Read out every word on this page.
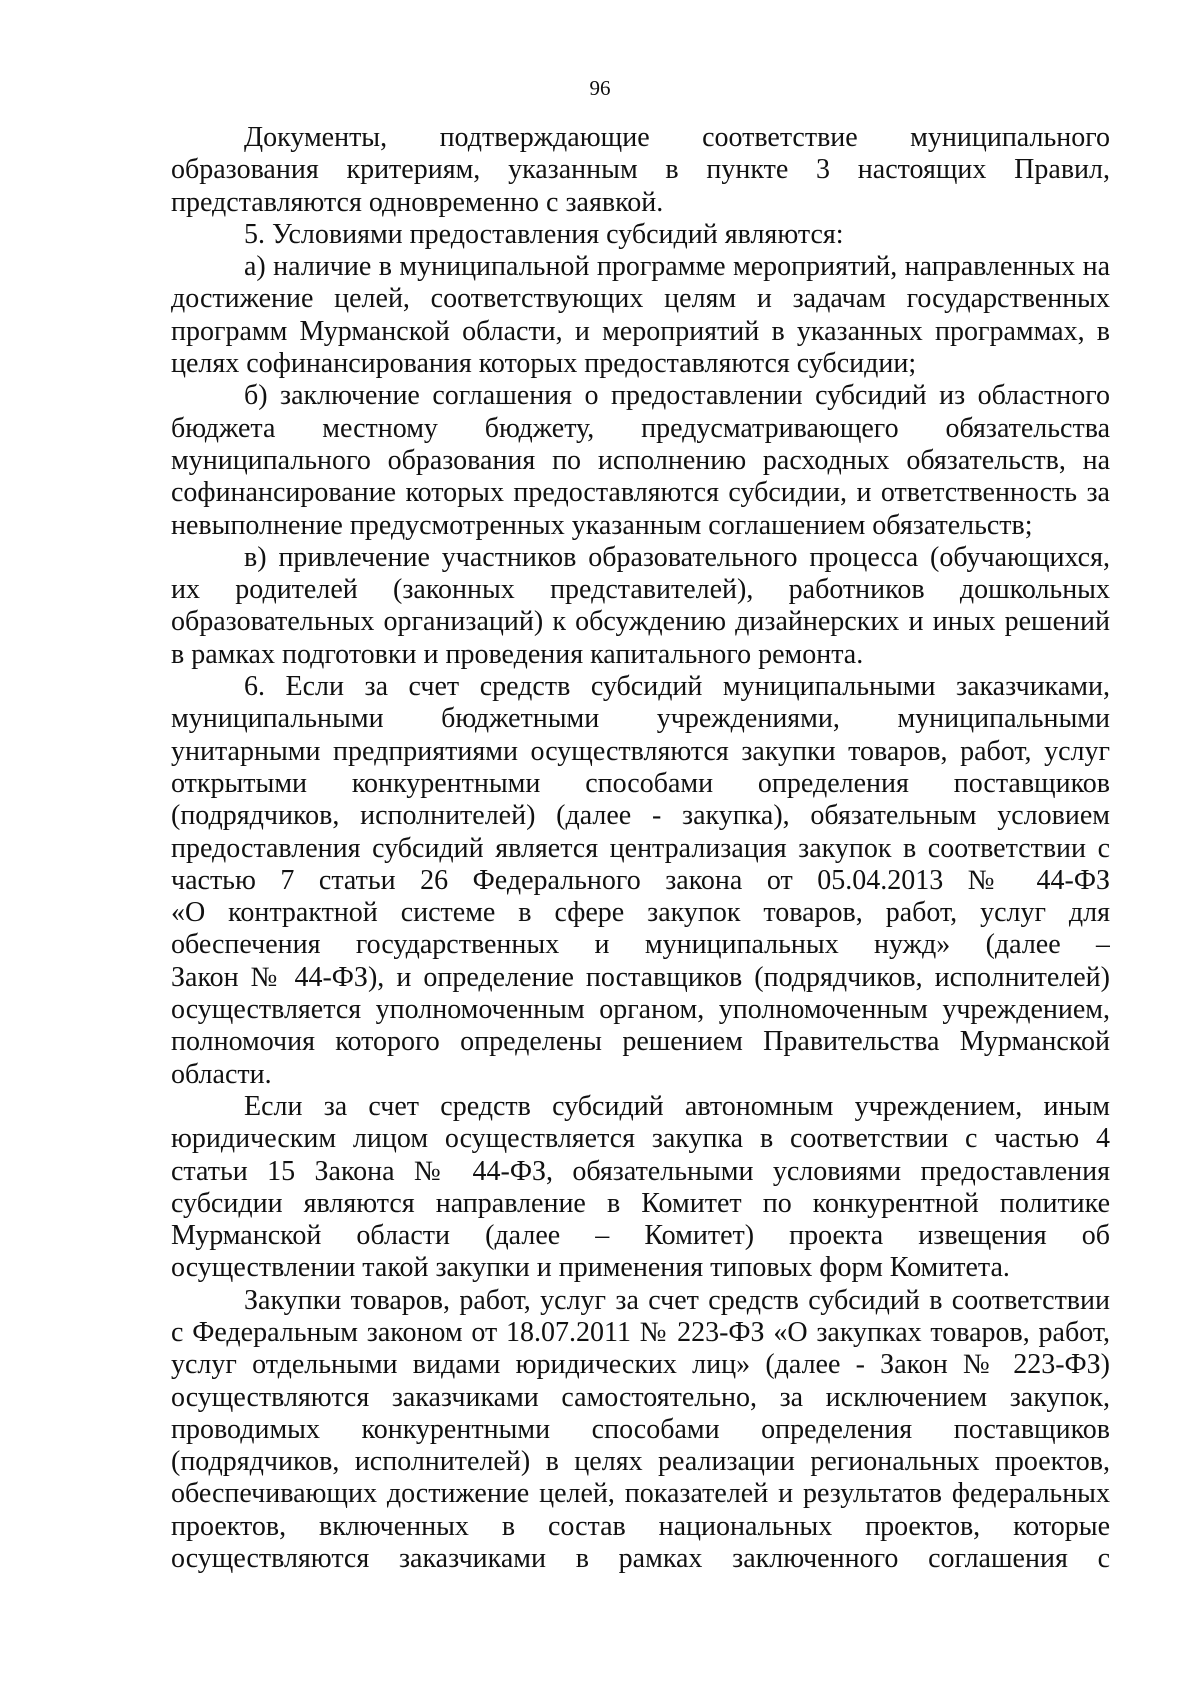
96
Документы, подтверждающие соответствие муниципального
образования критериям, указанным в пункте 3 настоящих Правил,
представляются одновременно с заявкой.
5. Условиями предоставления субсидий являются:
а) наличие в муниципальной программе мероприятий, направленных на
достижение целей, соответствующих целям и задачам государственных
программ Мурманской области, и мероприятий в указанных программах, в
целях софинансирования которых предоставляются субсидии;
б) заключение соглашения о предоставлении субсидий из областного
бюджета местному бюджету, предусматривающего обязательства
муниципального образования по исполнению расходных обязательств, на
софинансирование которых предоставляются субсидии, и ответственность за
невыполнение предусмотренных указанным соглашением обязательств;
в) привлечение участников образовательного процесса (обучающихся,
их родителей (законных представителей), работников дошкольных
образовательных организаций) к обсуждению дизайнерских и иных решений
в рамках подготовки и проведения капитального ремонта.
6. Если за счет средств субсидий муниципальными заказчиками,
муниципальными бюджетными учреждениями, муниципальными
унитарными предприятиями осуществляются закупки товаров, работ, услуг
открытыми конкурентными способами определения поставщиков
(подрядчиков, исполнителей) (далее - закупка), обязательным условием
предоставления субсидий является централизация закупок в соответствии с
частью 7 статьи 26 Федерального закона от 05.04.2013 № 44-ФЗ
«О контрактной системе в сфере закупок товаров, работ, услуг для
обеспечения государственных и муниципальных нужд» (далее –
Закон № 44-ФЗ), и определение поставщиков (подрядчиков, исполнителей)
осуществляется уполномоченным органом, уполномоченным учреждением,
полномочия которого определены решением Правительства Мурманской
области.
Если за счет средств субсидий автономным учреждением, иным
юридическим лицом осуществляется закупка в соответствии с частью 4
статьи 15 Закона № 44-ФЗ, обязательными условиями предоставления
субсидии являются направление в Комитет по конкурентной политике
Мурманской области (далее – Комитет) проекта извещения об
осуществлении такой закупки и применения типовых форм Комитета.
Закупки товаров, работ, услуг за счет средств субсидий в соответствии
с Федеральным законом от 18.07.2011 № 223-ФЗ «О закупках товаров, работ,
услуг отдельными видами юридических лиц» (далее - Закон № 223-ФЗ)
осуществляются заказчиками самостоятельно, за исключением закупок,
проводимых конкурентными способами определения поставщиков
(подрядчиков, исполнителей) в целях реализации региональных проектов,
обеспечивающих достижение целей, показателей и результатов федеральных
проектов, включенных в состав национальных проектов, которые
осуществляются заказчиками в рамках заключенного соглашения с
